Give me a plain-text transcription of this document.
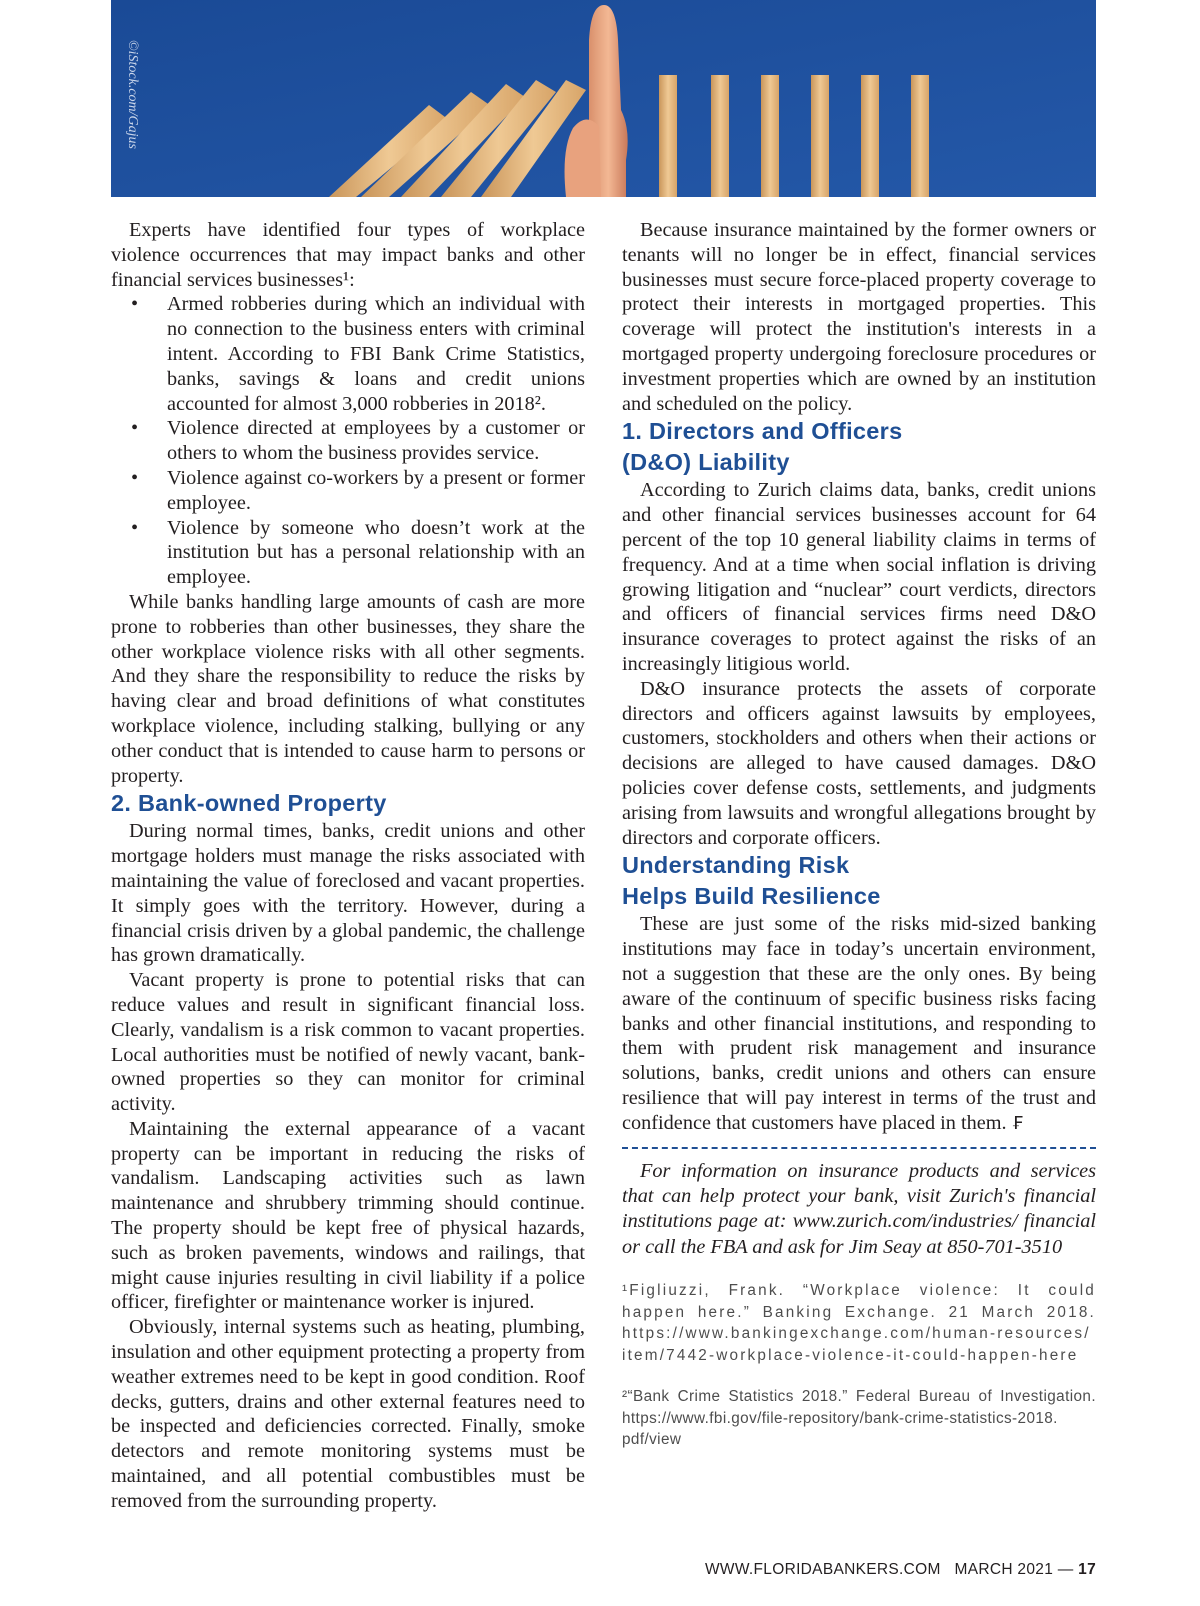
©iStock.com/Gajus

Experts have identified four types of workplace violence occurrences that may impact banks and other financial services businesses¹:

• Armed robberies during which an individual with no connection to the business enters with criminal intent. According to FBI Bank Crime Statistics, banks, savings & loans and credit unions accounted for almost 3,000 robberies in 2018².
• Violence directed at employees by a customer or others to whom the business provides service.
• Violence against co-workers by a present or former employee.
• Violence by someone who doesn’t work at the institution but has a personal relationship with an employee.

While banks handling large amounts of cash are more prone to robberies than other businesses, they share the other workplace violence risks with all other segments. And they share the responsibility to reduce the risks by having clear and broad definitions of what constitutes workplace violence, including stalking, bullying or any other conduct that is intended to cause harm to persons or property.

2. Bank-owned Property

During normal times, banks, credit unions and other mortgage holders must manage the risks associated with maintaining the value of foreclosed and vacant properties. It simply goes with the territory. However, during a financial crisis driven by a global pandemic, the challenge has grown dramatically.

Vacant property is prone to potential risks that can reduce values and result in significant financial loss. Clearly, vandalism is a risk common to vacant properties. Local authorities must be notified of newly vacant, bank-owned properties so they can monitor for criminal activity.

Maintaining the external appearance of a vacant property can be important in reducing the risks of vandalism. Landscaping activities such as lawn maintenance and shrubbery trimming should continue. The property should be kept free of physical hazards, such as broken pavements, windows and railings, that might cause injuries resulting in civil liability if a police officer, firefighter or maintenance worker is injured.

Obviously, internal systems such as heating, plumbing, insulation and other equipment protecting a property from weather extremes need to be kept in good condition. Roof decks, gutters, drains and other external features need to be inspected and deficiencies corrected. Finally, smoke detectors and remote monitoring systems must be maintained, and all potential combustibles must be removed from the surrounding property.

Because insurance maintained by the former owners or tenants will no longer be in effect, financial services businesses must secure force-placed property coverage to protect their interests in mortgaged properties. This coverage will protect the institution's interests in a mortgaged property undergoing foreclosure procedures or investment properties which are owned by an institution and scheduled on the policy.

1. Directors and Officers
(D&O) Liability

According to Zurich claims data, banks, credit unions and other financial services businesses account for 64 percent of the top 10 general liability claims in terms of frequency. And at a time when social inflation is driving growing litigation and “nuclear” court verdicts, directors and officers of financial services firms need D&O insurance coverages to protect against the risks of an increasingly litigious world.

D&O insurance protects the assets of corporate directors and officers against lawsuits by employees, customers, stockholders and others when their actions or decisions are alleged to have caused damages. D&O policies cover defense costs, settlements, and judgments arising from lawsuits and wrongful allegations brought by directors and corporate officers.

Understanding Risk
Helps Build Resilience

These are just some of the risks mid-sized banking institutions may face in today’s uncertain environment, not a suggestion that these are the only ones. By being aware of the continuum of specific business risks facing banks and other financial institutions, and responding to them with prudent risk management and insurance solutions, banks, credit unions and others can ensure resilience that will pay interest in terms of the trust and confidence that customers have placed in them. ₣

For information on insurance products and services that can help protect your bank, visit Zurich's financial institutions page at: www.zurich.com/industries/ financial or call the FBA and ask for Jim Seay at 850-701-3510

¹Figliuzzi, Frank. “Workplace violence: It could happen here.” Banking Exchange. 21 March 2018. https://www.bankingexchange.com/human-resources/ item/7442-workplace-violence-it-could-happen-here
²“Bank Crime Statistics 2018.” Federal Bureau of Investigation. https://www.fbi.gov/file-repository/bank-crime-statistics-2018. pdf/view
WWW.FLORIDABANKERS.COM MARCH 2021 — 17
